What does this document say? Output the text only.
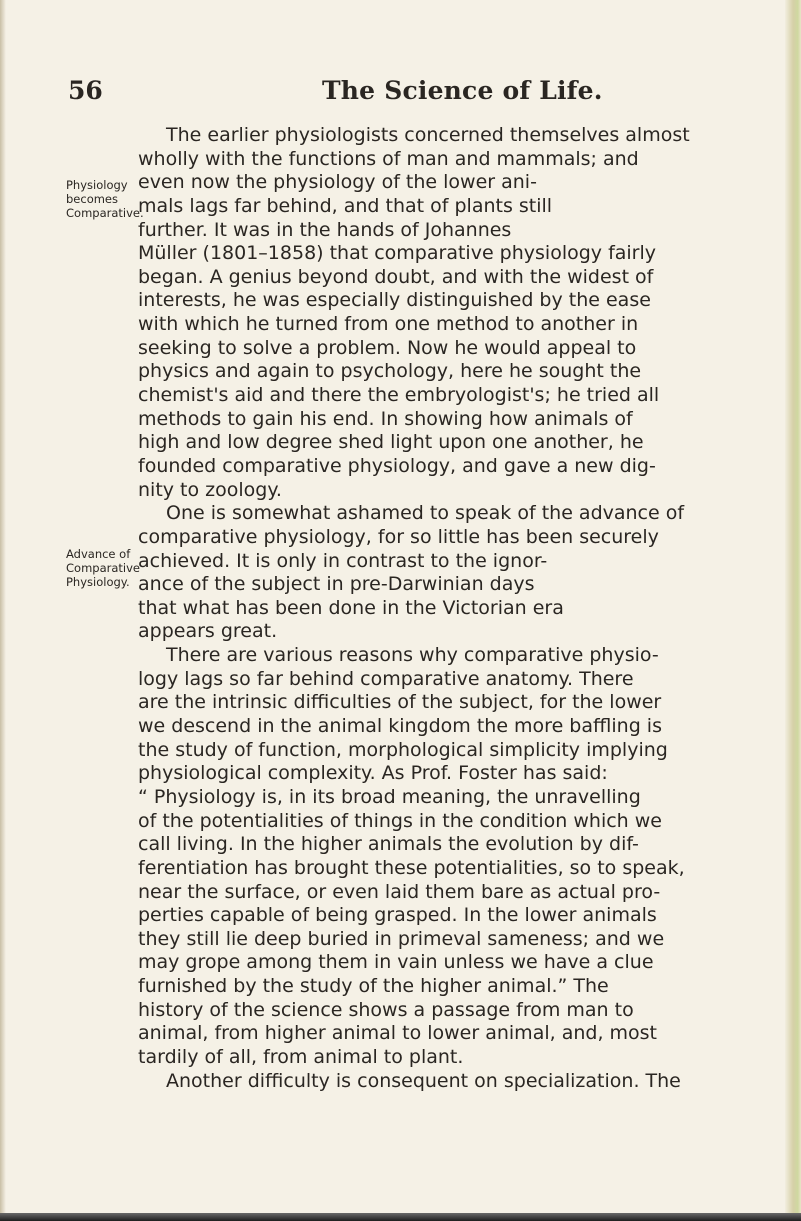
56	The Science of Life.
Physiology
becomes
Comparative.
Advance of
Comparative
Physiology.
The earlier physiologists concerned themselves almost
wholly with the functions of man and mammals; and
even now the physiology of the lower ani-
mals lags far behind, and that of plants still
further. It was in the hands of Johannes
Müller (1801–1858) that comparative physiology fairly
began. A genius beyond doubt, and with the widest of
interests, he was especially distinguished by the ease
with which he turned from one method to another in
seeking to solve a problem. Now he would appeal to
physics and again to psychology, here he sought the
chemist's aid and there the embryologist's; he tried all
methods to gain his end. In showing how animals of
high and low degree shed light upon one another, he
founded comparative physiology, and gave a new dig-
nity to zoology.
One is somewhat ashamed to speak of the advance of
comparative physiology, for so little has been securely
achieved. It is only in contrast to the ignor-
ance of the subject in pre-Darwinian days
that what has been done in the Victorian era
appears great.
There are various reasons why comparative physio-
logy lags so far behind comparative anatomy. There
are the intrinsic difficulties of the subject, for the lower
we descend in the animal kingdom the more baffling is
the study of function, morphological simplicity implying
physiological complexity. As Prof. Foster has said:
“ Physiology is, in its broad meaning, the unravelling
of the potentialities of things in the condition which we
call living. In the higher animals the evolution by dif-
ferentiation has brought these potentialities, so to speak,
near the surface, or even laid them bare as actual pro-
perties capable of being grasped. In the lower animals
they still lie deep buried in primeval sameness; and we
may grope among them in vain unless we have a clue
furnished by the study of the higher animal.” The
history of the science shows a passage from man to
animal, from higher animal to lower animal, and, most
tardily of all, from animal to plant.
Another difficulty is consequent on specialization. The
